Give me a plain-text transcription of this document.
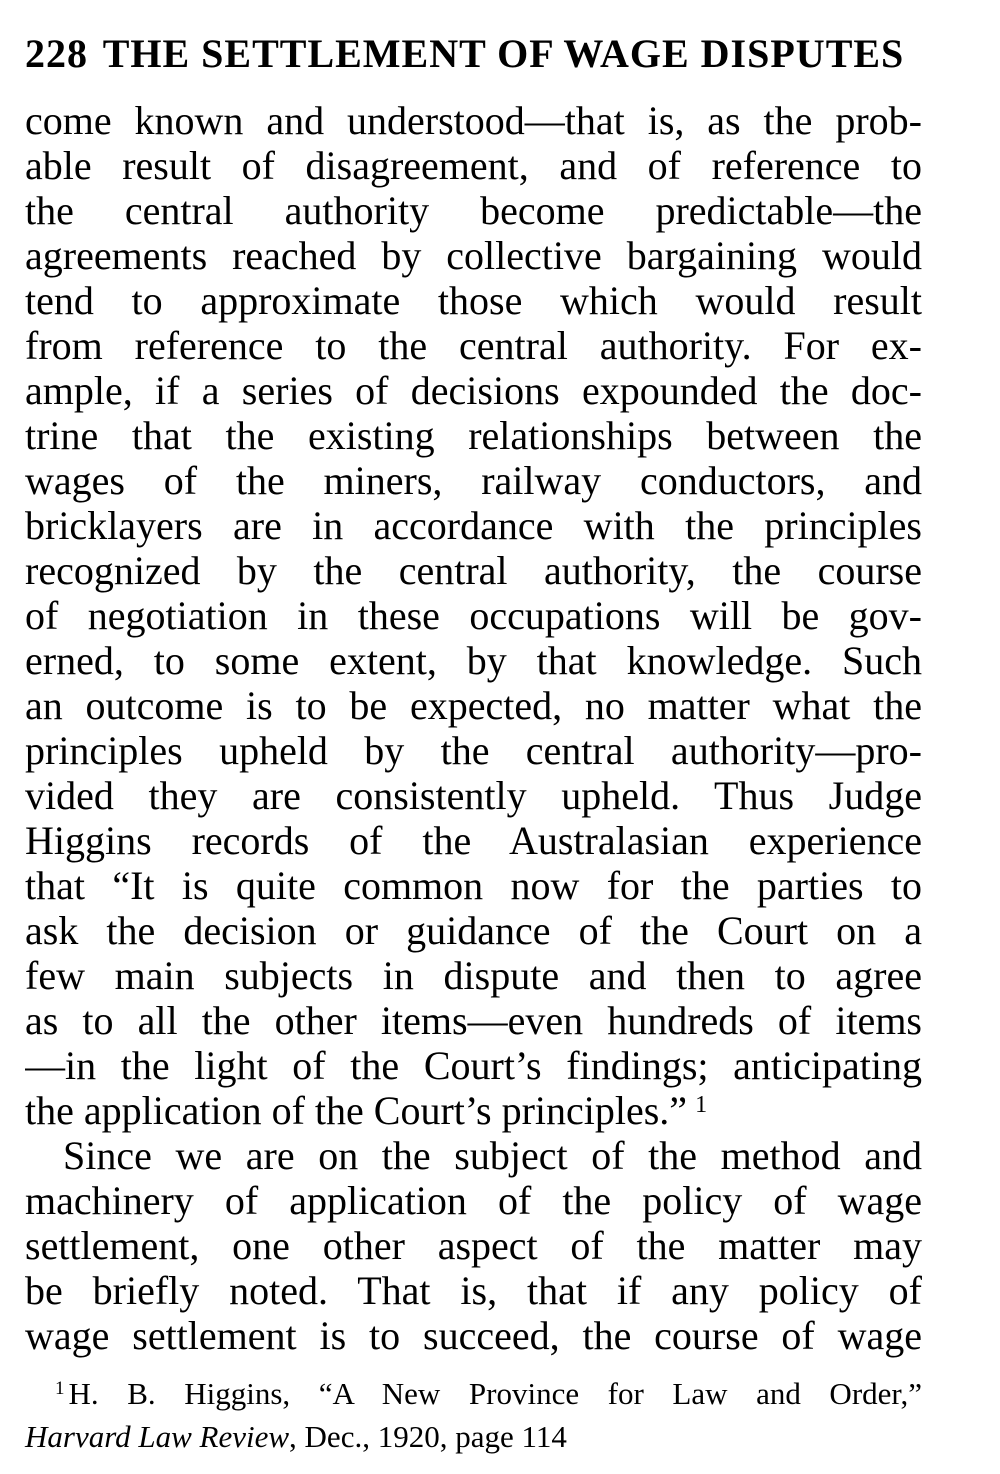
228 THE SETTLEMENT OF WAGE DISPUTES
come known and understood—that is, as the prob-
able result of disagreement, and of reference to
the central authority become predictable—the
agreements reached by collective bargaining would
tend to approximate those which would result
from reference to the central authority. For ex-
ample, if a series of decisions expounded the doc-
trine that the existing relationships between the
wages of the miners, railway conductors, and
bricklayers are in accordance with the principles
recognized by the central authority, the course
of negotiation in these occupations will be gov-
erned, to some extent, by that knowledge. Such
an outcome is to be expected, no matter what the
principles upheld by the central authority—pro-
vided they are consistently upheld. Thus Judge
Higgins records of the Australasian experience
that “It is quite common now for the parties to
ask the decision or guidance of the Court on a
few main subjects in dispute and then to agree
as to all the other items—even hundreds of items
—in the light of the Court’s findings; anticipating
the application of the Court’s principles.” $^1$
Since we are on the subject of the method and
machinery of application of the policy of wage
settlement, one other aspect of the matter may
be briefly noted. That is, that if any policy of
wage settlement is to succeed, the course of wage
$^1$ H. B. Higgins, “A New Province for Law and Order,”
Harvard Law Review, Dec., 1920, page 114
